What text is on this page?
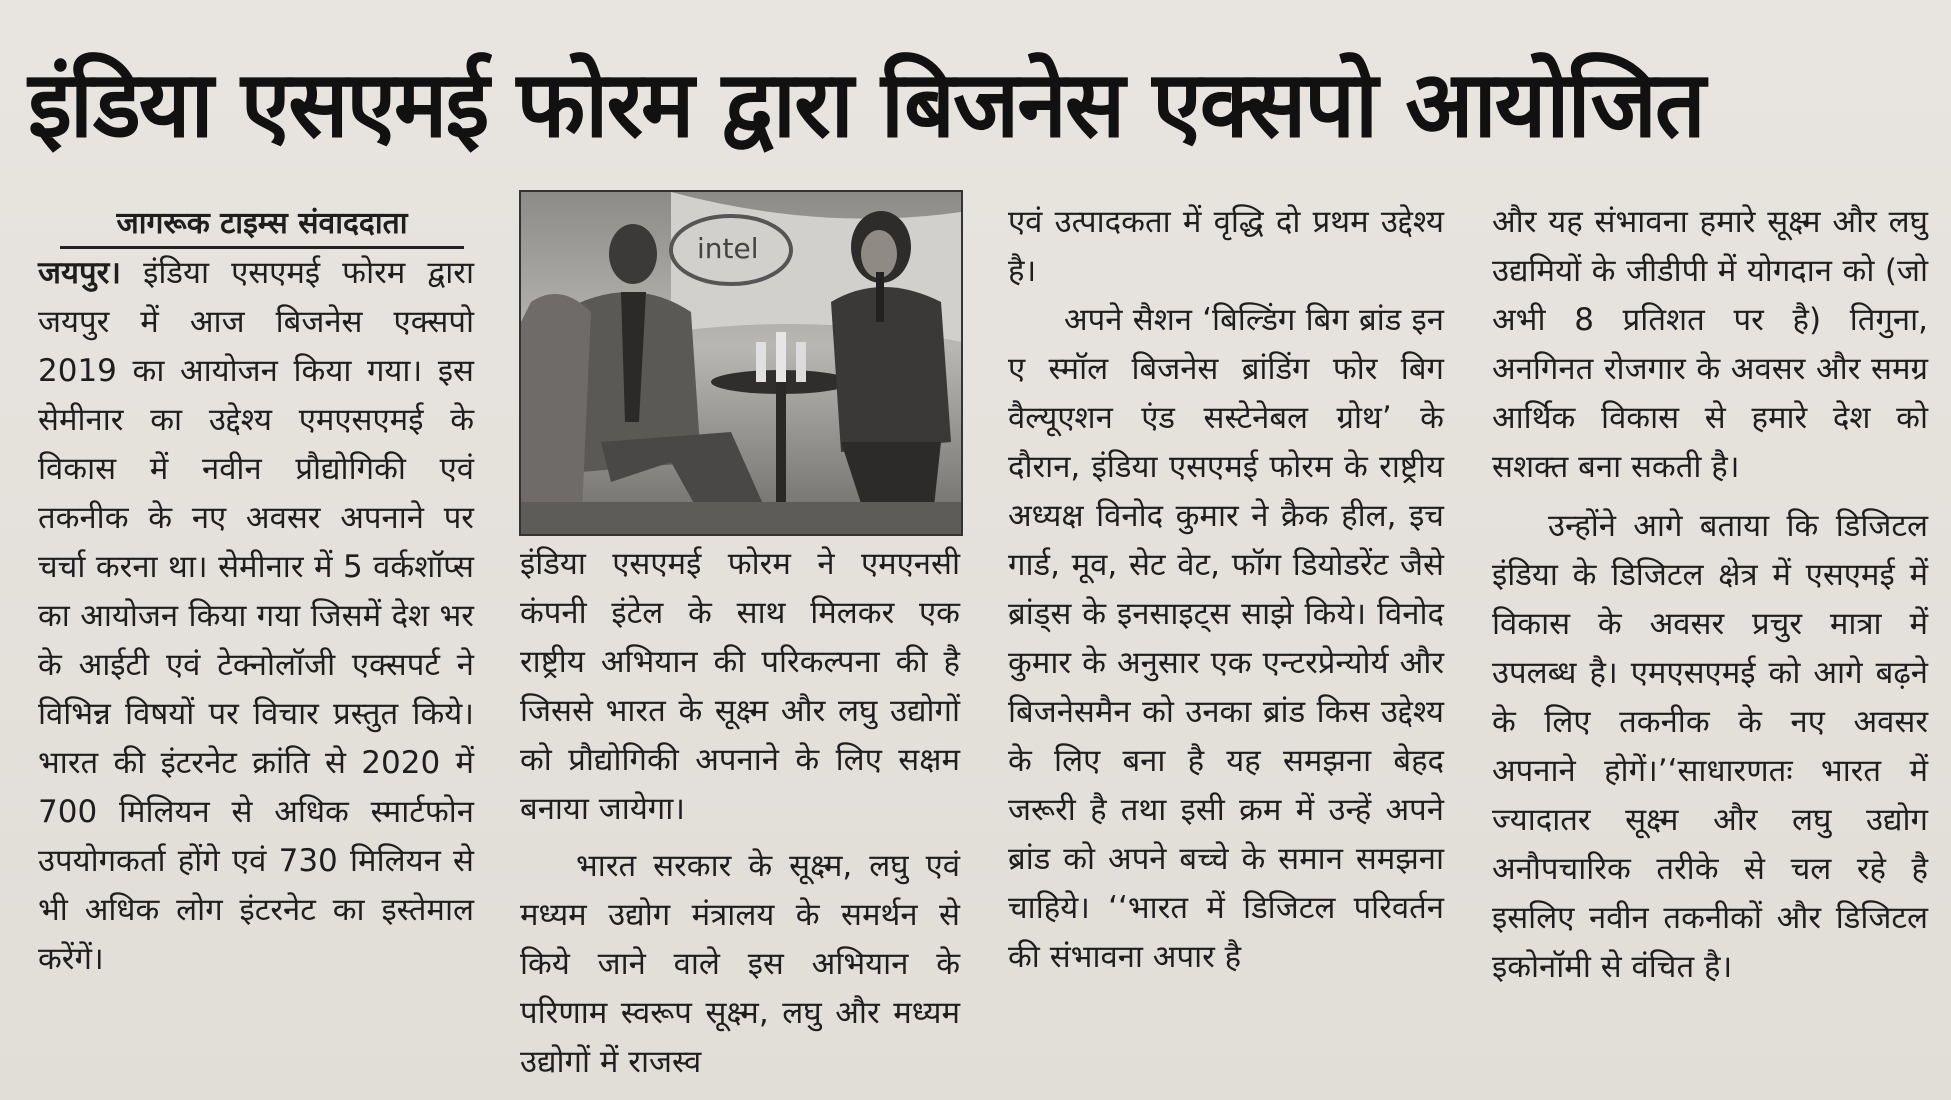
इंडिया एसएमई फोरम द्वारा बिजनेस एक्सपो आयोजित
जागरूक टाइम्स संवाददाता

जयपुर। इंडिया एसएमई फोरम द्वारा जयपुर में आज बिजनेस एक्सपो 2019 का आयोजन किया गया। इस सेमीनार का उद्देश्य एमएसएमई के विकास में नवीन प्रौद्योगिकी एवं तकनीक के नए अवसर अपनाने पर चर्चा करना था। सेमीनार में 5 वर्कशॉप्स का आयोजन किया गया जिसमें देश भर के आईटी एवं टेक्नोलॉजी एक्सपर्ट ने विभिन्न विषयों पर विचार प्रस्तुत किये। भारत की इंटरनेट क्रांति से 2020 में 700 मिलियन से अधिक स्मार्टफोन उपयोगकर्ता होंगे एवं 730 मिलियन से भी अधिक लोग इंटरनेट का इस्तेमाल करेंगें।

intel

इंडिया एसएमई फोरम ने एमएनसी कंपनी इंटेल के साथ मिलकर एक राष्ट्रीय अभियान की परिकल्पना की है जिससे भारत के सूक्ष्म और लघु उद्योगों को प्रौद्योगिकी अपनाने के लिए सक्षम बनाया जायेगा।

भारत सरकार के सूक्ष्म, लघु एवं मध्यम उद्योग मंत्रालय के समर्थन से किये जाने वाले इस अभियान के परिणाम स्वरूप सूक्ष्म, लघु और मध्यम उद्योगों में राजस्व

एवं उत्पादकता में वृद्धि दो प्रथम उद्देश्य है।

अपने सैशन ‘बिल्डिंग बिग ब्रांड इन ए स्मॉल बिजनेस ब्रांडिंग फोर बिग वैल्यूएशन एंड सस्टेनेबल ग्रोथ’ के दौरान, इंडिया एसएमई फोरम के राष्ट्रीय अध्यक्ष विनोद कुमार ने क्रैक हील, इच गार्ड, मूव, सेट वेट, फॉग डियोडरेंट जैसे ब्रांड्स के इनसाइट्स साझे किये। विनोद कुमार के अनुसार एक एन्टरप्रेन्योर्य और बिजनेसमैन को उनका ब्रांड किस उद्देश्य के लिए बना है यह समझना बेहद जरूरी है तथा इसी क्रम में उन्हें अपने ब्रांड को अपने बच्चे के समान समझना चाहिये। ‘‘भारत में डिजिटल परिवर्तन की संभावना अपार है

और यह संभावना हमारे सूक्ष्म और लघु उद्यमियों के जीडीपी में योगदान को (जो अभी 8 प्रतिशत पर है) तिगुना, अनगिनत रोजगार के अवसर और समग्र आर्थिक विकास से हमारे देश को सशक्त बना सकती है।

उन्होंने आगे बताया कि डिजिटल इंडिया के डिजिटल क्षेत्र में एसएमई में विकास के अवसर प्रचुर मात्रा में उपलब्ध है। एमएसएमई को आगे बढ़ने के लिए तकनीक के नए अवसर अपनाने होगें।’‘साधारणतः भारत में ज्यादातर सूक्ष्म और लघु उद्योग अनौपचारिक तरीके से चल रहे है इसलिए नवीन तकनीकों और डिजिटल इकोनॉमी से वंचित है।
